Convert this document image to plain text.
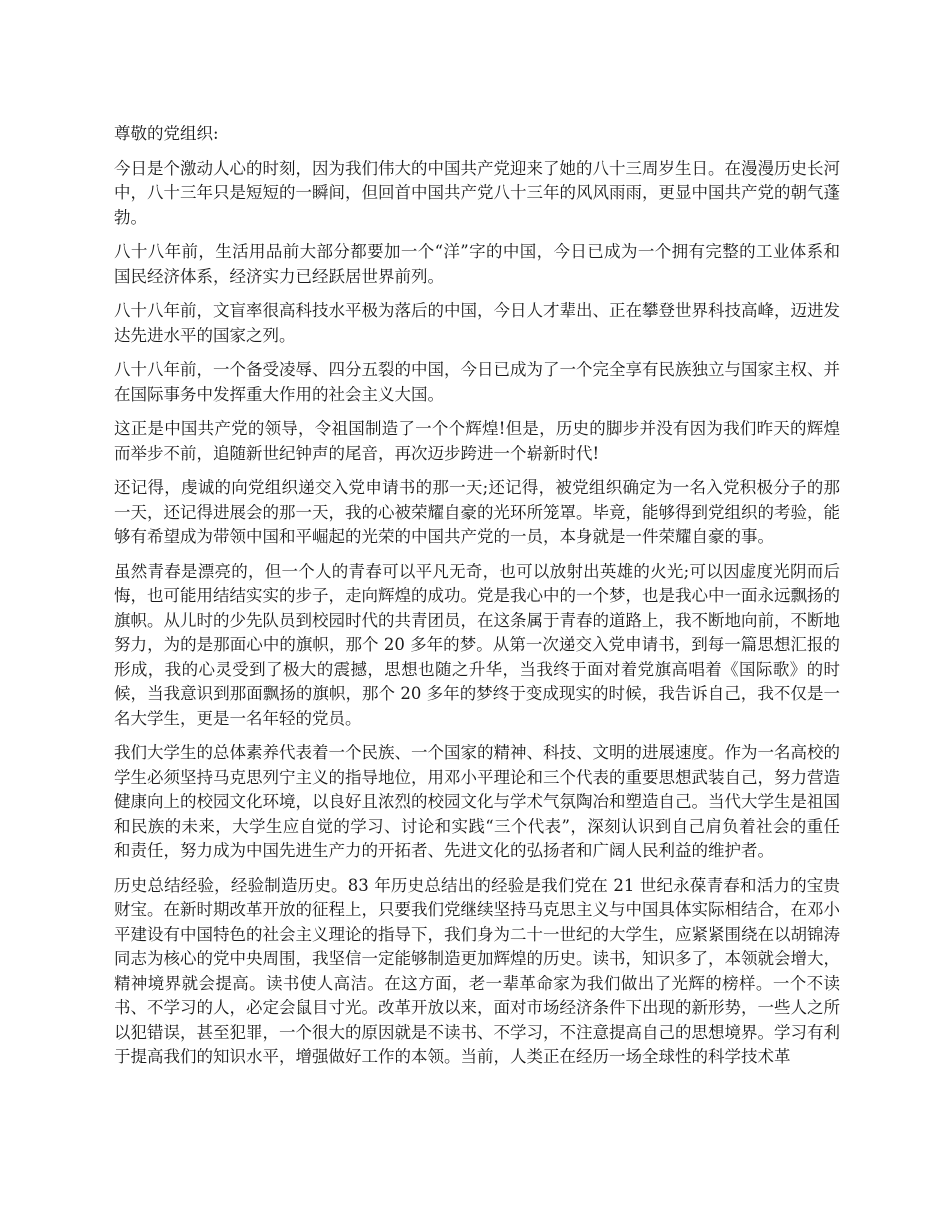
尊敬的党组织:

今日是个激动人心的时刻，因为我们伟大的中国共产党迎来了她的八十三周岁生日。在漫漫历史长河中，八十三年只是短短的一瞬间，但回首中国共产党八十三年的风风雨雨，更显中国共产党的朝气蓬勃。

八十八年前，生活用品前大部分都要加一个“洋”字的中国，今日已成为一个拥有完整的工业体系和国民经济体系，经济实力已经跃居世界前列。

八十八年前，文盲率很高科技水平极为落后的中国，今日人才辈出、正在攀登世界科技高峰，迈进发达先进水平的国家之列。

八十八年前，一个备受凌辱、四分五裂的中国，今日已成为了一个完全享有民族独立与国家主权、并在国际事务中发挥重大作用的社会主义大国。

这正是中国共产党的领导，令祖国制造了一个个辉煌!但是，历史的脚步并没有因为我们昨天的辉煌而举步不前，追随新世纪钟声的尾音，再次迈步跨进一个崭新时代!

还记得，虔诚的向党组织递交入党申请书的那一天;还记得，被党组织确定为一名入党积极分子的那一天，还记得进展会的那一天，我的心被荣耀自豪的光环所笼罩。毕竟，能够得到党组织的考验，能够有希望成为带领中国和平崛起的光荣的中国共产党的一员，本身就是一件荣耀自豪的事。

虽然青春是漂亮的，但一个人的青春可以平凡无奇，也可以放射出英雄的火光;可以因虚度光阴而后悔，也可能用结结实实的步子，走向辉煌的成功。党是我心中的一个梦，也是我心中一面永远飘扬的旗帜。从儿时的少先队员到校园时代的共青团员，在这条属于青春的道路上，我不断地向前，不断地努力，为的是那面心中的旗帜，那个 20 多年的梦。从第一次递交入党申请书，到每一篇思想汇报的形成，我的心灵受到了极大的震撼，思想也随之升华，当我终于面对着党旗高唱着《国际歌》的时候，当我意识到那面飘扬的旗帜，那个 20 多年的梦终于变成现实的时候，我告诉自己，我不仅是一名大学生，更是一名年轻的党员。

我们大学生的总体素养代表着一个民族、一个国家的精神、科技、文明的进展速度。作为一名高校的学生必须坚持马克思列宁主义的指导地位，用邓小平理论和三个代表的重要思想武装自己，努力营造健康向上的校园文化环境，以良好且浓烈的校园文化与学术气氛陶冶和塑造自己。当代大学生是祖国和民族的未来，大学生应自觉的学习、讨论和实践“三个代表”，深刻认识到自己肩负着社会的重任和责任，努力成为中国先进生产力的开拓者、先进文化的弘扬者和广阔人民利益的维护者。

历史总结经验，经验制造历史。83 年历史总结出的经验是我们党在 21 世纪永葆青春和活力的宝贵财宝。在新时期改革开放的征程上，只要我们党继续坚持马克思主义与中国具体实际相结合，在邓小平建设有中国特色的社会主义理论的指导下，我们身为二十一世纪的大学生，应紧紧围绕在以胡锦涛同志为核心的党中央周围，我坚信一定能够制造更加辉煌的历史。读书，知识多了，本领就会增大，精神境界就会提高。读书使人高洁。在这方面，老一辈革命家为我们做出了光辉的榜样。一个不读书、不学习的人，必定会鼠目寸光。改革开放以来，面对市场经济条件下出现的新形势，一些人之所以犯错误，甚至犯罪，一个很大的原因就是不读书、不学习，不注意提高自己的思想境界。学习有利于提高我们的知识水平，增强做好工作的本领。当前，人类正在经历一场全球性的科学技术革
